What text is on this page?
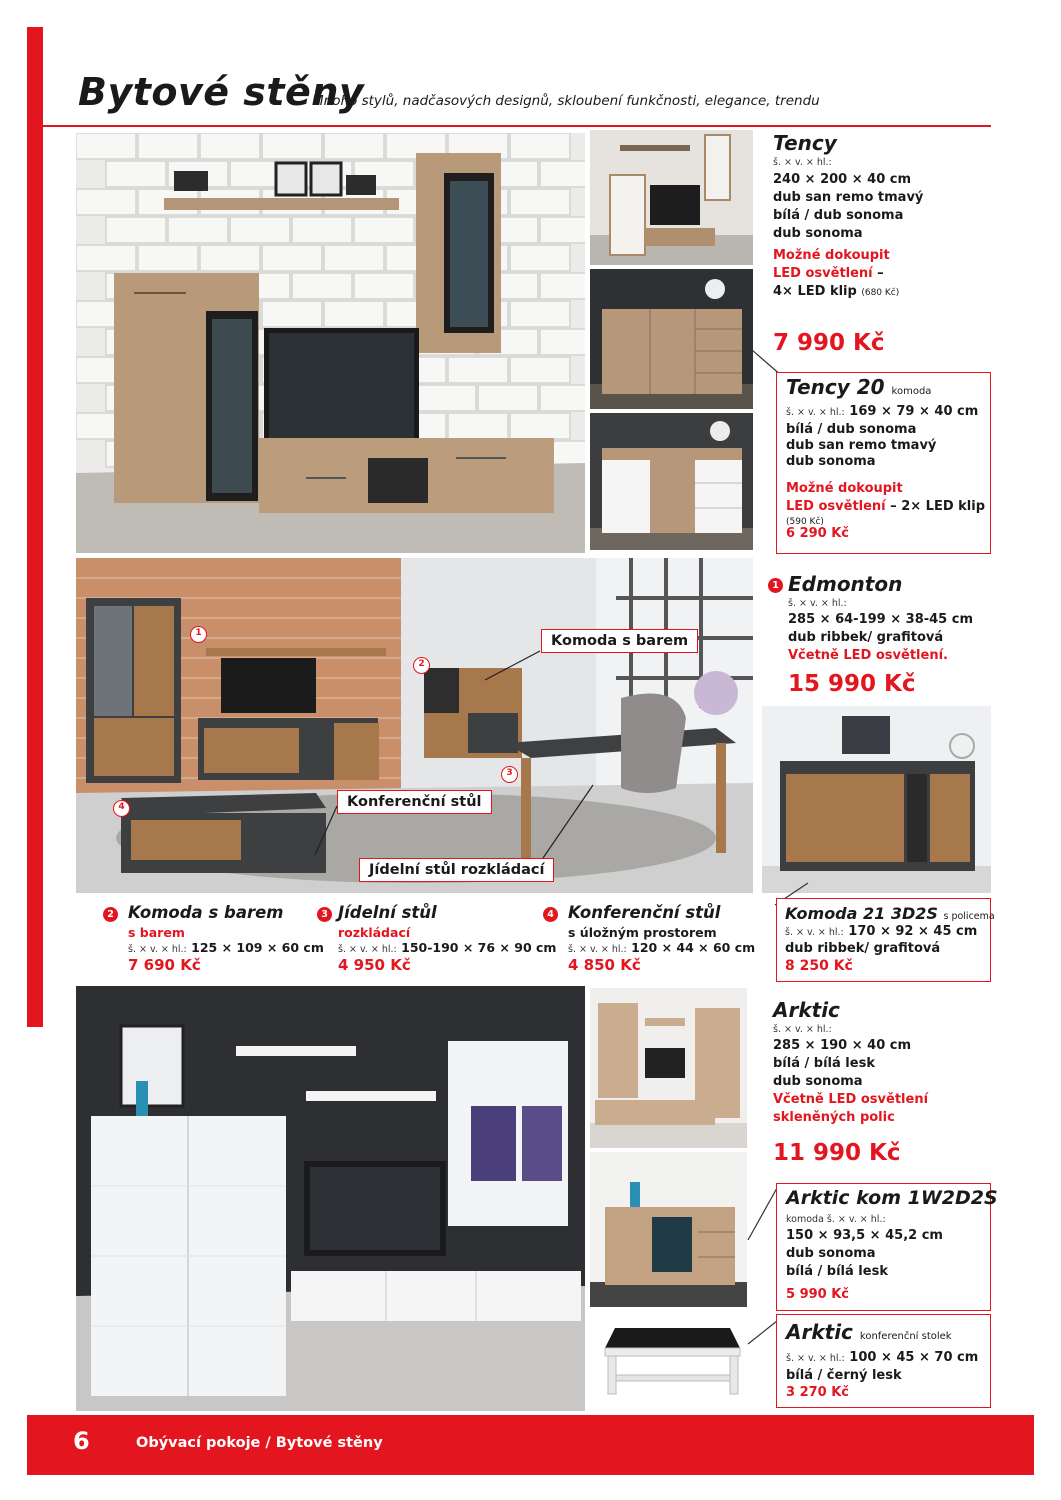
Bytové stěny
Mnoho stylů, nadčasových designů, skloubení funkčnosti, elegance, trendu
Tency
š. × v. × hl.:
240 × 200 × 40 cm
dub san remo tmavý
bílá / dub sonoma
dub sonoma
Možné dokoupit
LED osvětlení –
4× LED klip (680 Kč)
7 990 Kč
Tency 20 komoda
š. × v. × hl.: 169 × 79 × 40 cm
bílá / dub sonoma
dub san remo tmavý
dub sonoma
Možné dokoupit
LED osvětlení – 2× LED klip
(590 Kč)
6 290 Kč
1
2
3
4
Komoda s barem
Konferenční stůl
Jídelní stůl rozkládací
1 Edmonton
š. × v. × hl.:
285 × 64-199 × 38-45 cm
dub ribbek/ grafitová
Včetně LED osvětlení.
15 990 Kč
2 Komoda s barem
s barem
š. × v. × hl.: 125 × 109 × 60 cm
7 690 Kč
3 Jídelní stůl
rozkládací
š. × v. × hl.: 150-190 × 76 × 90 cm
4 950 Kč
4 Konferenční stůl
s úložným prostorem
š. × v. × hl.: 120 × 44 × 60 cm
4 850 Kč
Komoda 21 3D2S s policema
š. × v. × hl.: 170 × 92 × 45 cm
dub ribbek/ grafitová
8 250 Kč
Arktic
š. × v. × hl.:
285 × 190 × 40 cm
bílá / bílá lesk
dub sonoma
Včetně LED osvětlení
skleněných polic
11 990 Kč
Arktic kom 1W2D2S
komoda š. × v. × hl.:
150 × 93,5 × 45,2 cm
dub sonoma
bílá / bílá lesk
5 990 Kč
Arktic konferenční stolek
š. × v. × hl.: 100 × 45 × 70 cm
bílá / černý lesk
3 270 Kč
6	Obývací pokoje / Bytové stěny
